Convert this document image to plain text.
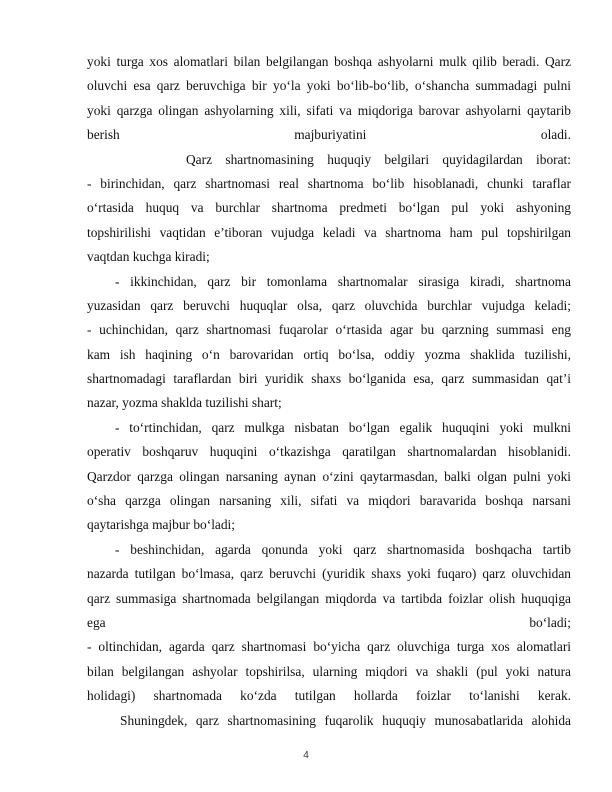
yoki turga xos alomatlari bilan belgilangan boshqa ashyolarni mulk qilib beradi. Qarz
oluvchi esa qarz beruvchiga bir yo‘la yoki bo‘lib-bo‘lib, o‘shancha summadagi pulni
yoki qarzga olingan ashyolarning xili, sifati va miqdoriga barovar ashyolarni qaytarib
berish majburiyatini oladi.
Qarz shartnomasining huquqiy belgilari quyidagilardan iborat:
- birinchidan, qarz shartnomasi real shartnoma bo‘lib hisoblanadi, chunki taraflar
o‘rtasida huquq va burchlar shartnoma predmeti bo‘lgan pul yoki ashyoning
topshirilishi vaqtidan e’tiboran vujudga keladi va shartnoma ham pul topshirilgan
vaqtdan kuchga kiradi;
- ikkinchidan, qarz bir tomonlama shartnomalar sirasiga kiradi, shartnoma
yuzasidan qarz beruvchi huquqlar olsa, qarz oluvchida burchlar vujudga keladi;
- uchinchidan, qarz shartnomasi fuqarolar o‘rtasida agar bu qarzning summasi eng
kam ish haqining o‘n barovaridan ortiq bo‘lsa, oddiy yozma shaklida tuzilishi,
shartnomadagi taraflardan biri yuridik shaxs bo‘lganida esa, qarz summasidan qat’i
nazar, yozma shaklda tuzilishi shart;
- to‘rtinchidan, qarz mulkga nisbatan bo‘lgan egalik huquqini yoki mulkni
operativ boshqaruv huquqini o‘tkazishga qaratilgan shartnomalardan hisoblanidi.
Qarzdor qarzga olingan narsaning aynan o‘zini qaytarmasdan, balki olgan pulni yoki
o‘sha qarzga olingan narsaning xili, sifati va miqdori baravarida boshqa narsani
qaytarishga majbur bo‘ladi;
- beshinchidan, agarda qonunda yoki qarz shartnomasida boshqacha tartib
nazarda tutilgan bo‘lmasa, qarz beruvchi (yuridik shaxs yoki fuqaro) qarz oluvchidan
qarz summasiga shartnomada belgilangan miqdorda va tartibda foizlar olish huquqiga
ega bo‘ladi;
- oltinchidan, agarda qarz shartnomasi bo‘yicha qarz oluvchiga turga xos alomatlari
bilan belgilangan ashyolar topshirilsa, ularning miqdori va shakli (pul yoki natura
holidagi) shartnomada ko‘zda tutilgan hollarda foizlar to‘lanishi kerak.
Shuningdek, qarz shartnomasining fuqarolik huquqiy munosabatlarida alohida
4
